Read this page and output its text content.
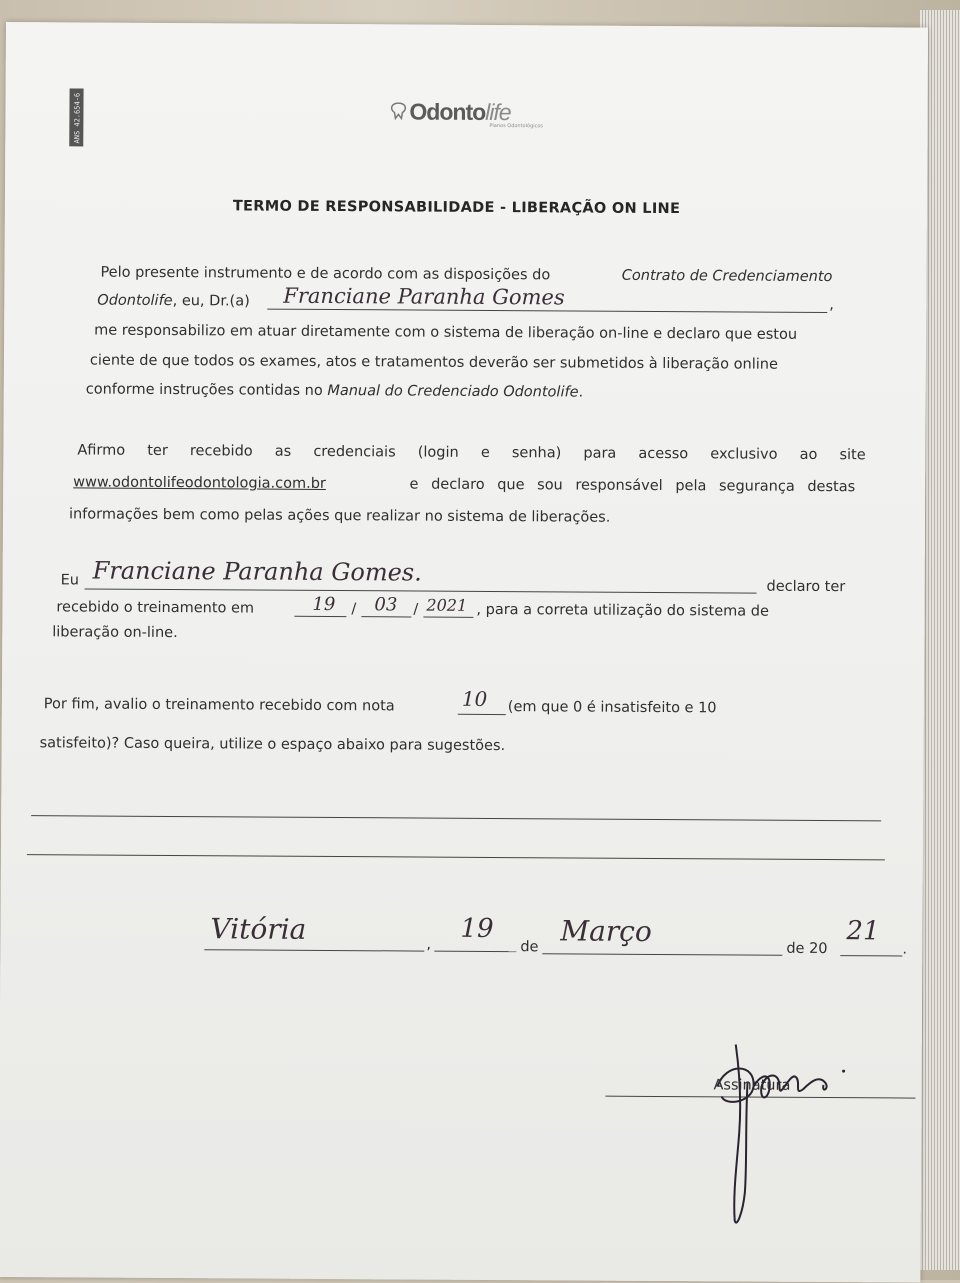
ANS 42.654-6	Odontolife
Planos Odontológicos
TERMO DE RESPONSABILIDADE - LIBERAÇÃO ON LINE
Pelo presente instrumento e de acordo com as disposições do	Contrato de Credenciamento
Odontolife, eu, Dr.(a) Franciane Paranha Gomes	,
me responsabilizo em atuar diretamente com o sistema de liberação on-line e declaro que estou
ciente de que todos os exames, atos e tratamentos deverão ser submetidos à liberação online
conforme instruções contidas no Manual do Credenciado Odontolife.
Afirmo ter recebido as credenciais (login e senha) para acesso exclusivo ao site
www.odontolifeodontologia.com.br	e declaro que sou responsável pela segurança destas
informações bem como pelas ações que realizar no sistema de liberações.
Eu Franciane Paranha Gomes.
declaro ter
recebido o treinamento em	19 / 03 / 2021 , para a correta utilização do sistema de
liberação on-line.
Por fim, avalio o treinamento recebido com nota	10 (em que 0 é insatisfeito e 10
satisfeito)? Caso queira, utilize o espaço abaixo para sugestões.
Vitória	,
19
de Março
de 20
21
.
Assinatura
